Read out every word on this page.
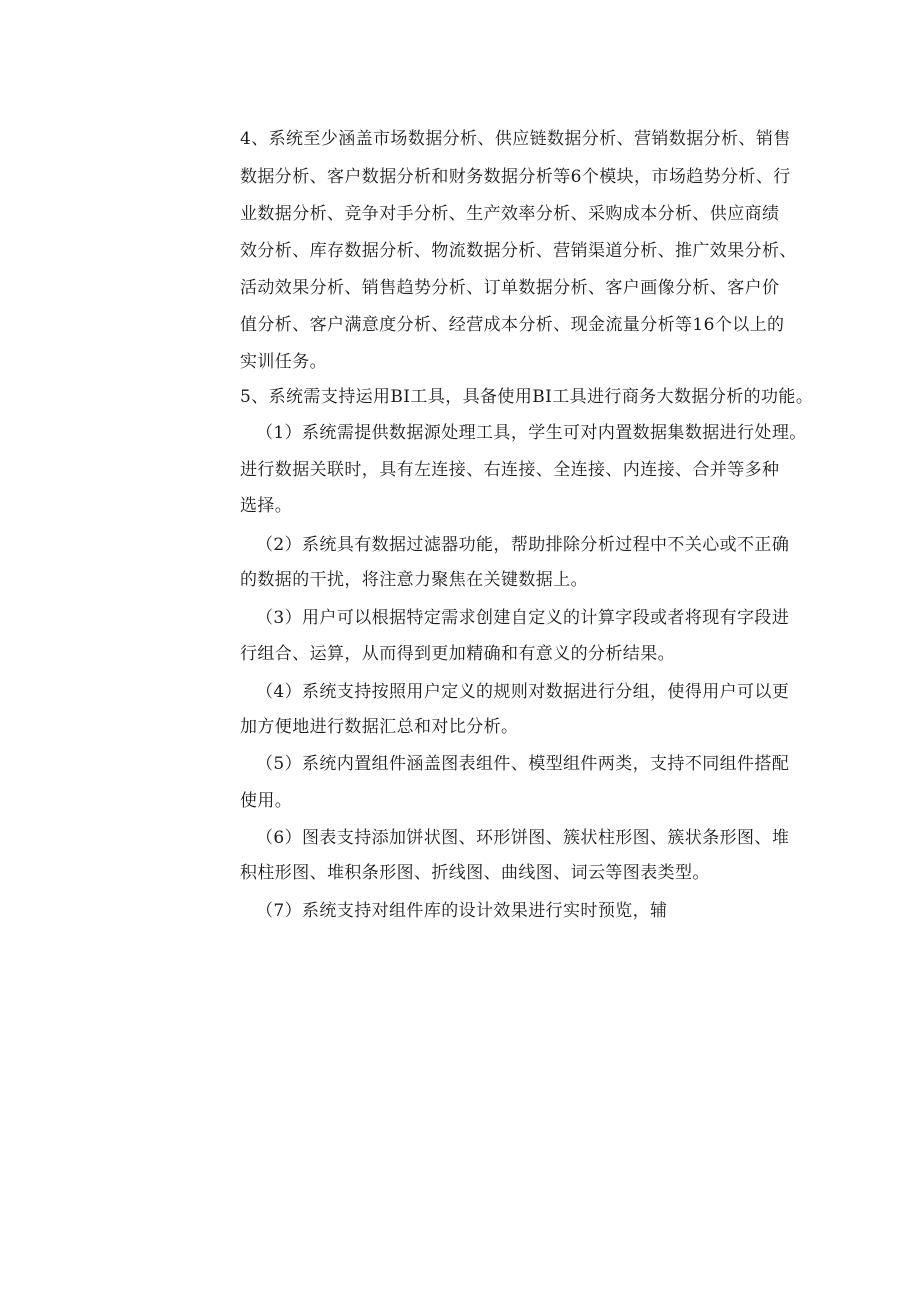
4、系统至少涵盖市场数据分析、供应链数据分析、营销数据分析、销售
数据分析、客户数据分析和财务数据分析等6个模块，市场趋势分析、行
业数据分析、竞争对手分析、生产效率分析、采购成本分析、供应商绩
效分析、库存数据分析、物流数据分析、营销渠道分析、推广效果分析、
活动效果分析、销售趋势分析、订单数据分析、客户画像分析、客户价
值分析、客户满意度分析、经营成本分析、现金流量分析等16个以上的
实训任务。
5、系统需支持运用BI工具，具备使用BI工具进行商务大数据分析的功能。
（1）系统需提供数据源处理工具，学生可对内置数据集数据进行处理。
进行数据关联时，具有左连接、右连接、全连接、内连接、合并等多种
选择。
（2）系统具有数据过滤器功能，帮助排除分析过程中不关心或不正确
的数据的干扰，将注意力聚焦在关键数据上。
（3）用户可以根据特定需求创建自定义的计算字段或者将现有字段进
行组合、运算，从而得到更加精确和有意义的分析结果。
（4）系统支持按照用户定义的规则对数据进行分组，使得用户可以更
加方便地进行数据汇总和对比分析。
（5）系统内置组件涵盖图表组件、模型组件两类，支持不同组件搭配
使用。
（6）图表支持添加饼状图、环形饼图、簇状柱形图、簇状条形图、堆
积柱形图、堆积条形图、折线图、曲线图、词云等图表类型。
（7）系统支持对组件库的设计效果进行实时预览，辅
